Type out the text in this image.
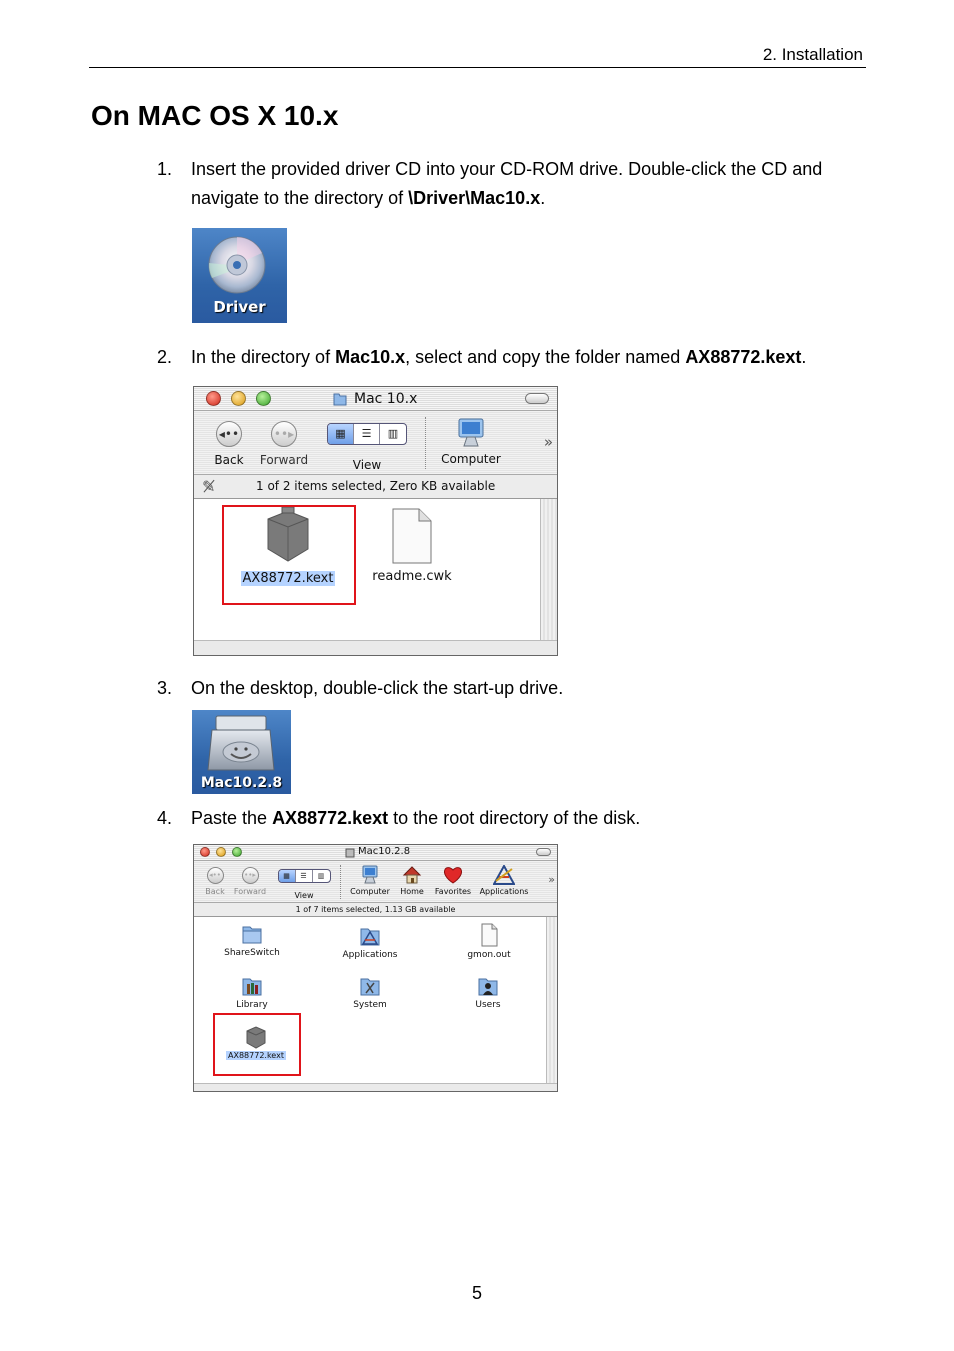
2. Installation
On MAC OS X 10.x
1. Insert the provided driver CD into your CD-ROM drive. Double-click the CD and navigate to the directory of \Driver\Mac10.x.
Driver
2. In the directory of Mac10.x, select and copy the folder named AX88772.kext.
Mac 10.x
◂••
Back
••▸
Forward
▦ ☰ ▥
View	Computer
»
✎̸	1 of 2 items selected, Zero KB available
AX88772.kext	readme.cwk
3. On the desktop, double-click the start-up drive.
Mac10.2.8
4. Paste the AX88772.kext to the root directory of the disk.
Mac10.2.8
◂••
Back
••▸
Forward
▦ ☰ ▥
View	Computer	Home	Favorites	Applications
»
1 of 7 items selected, 1.13 GB available
ShareSwitch	Applications	gmon.out
Library	System	Users
AX88772.kext
5
